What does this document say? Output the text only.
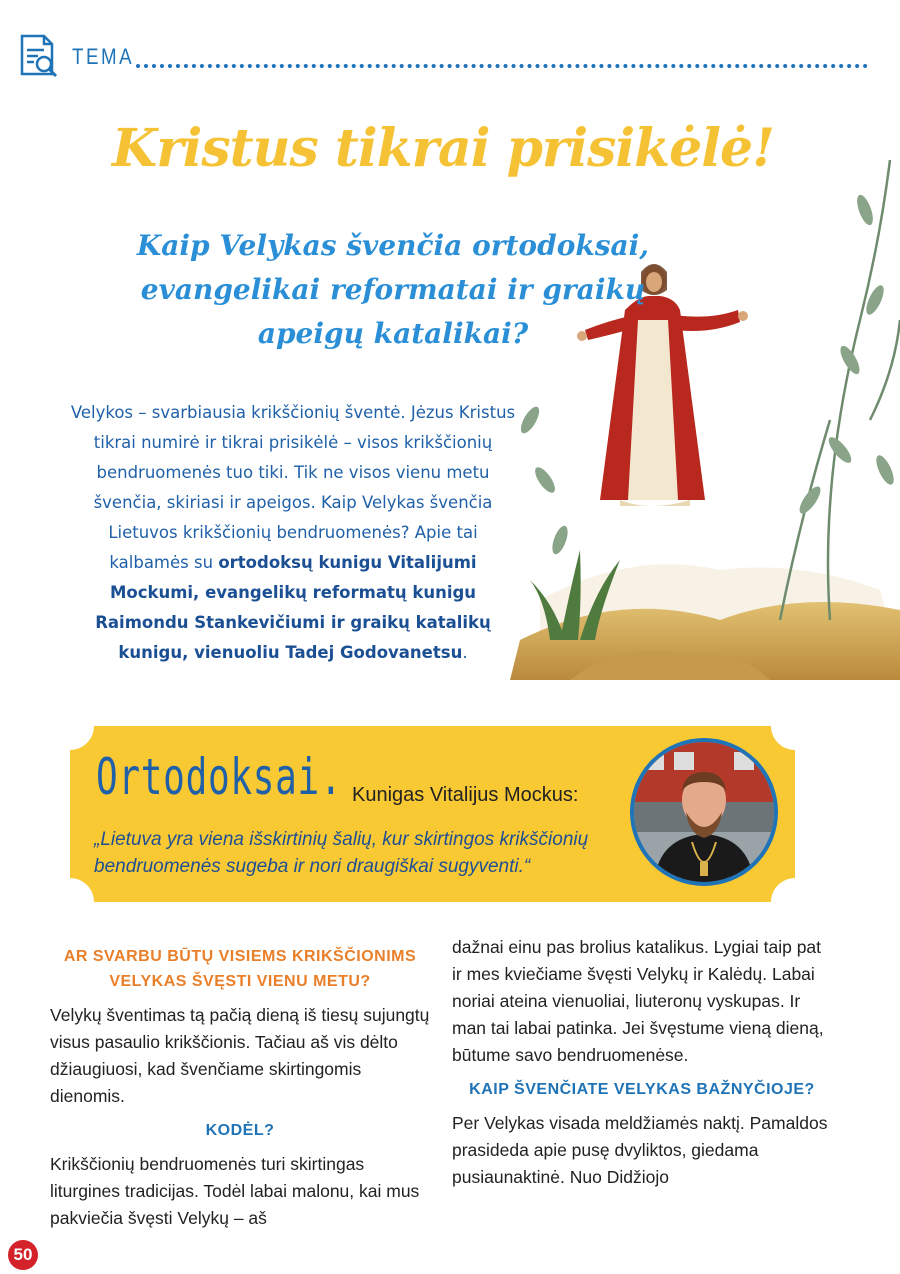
TEMA
Kristus tikrai prisikėlė!
Kaip Velykas švenčia ortodoksai,
evangelikai reformatai ir graikų
apeigų katalikai?

Velykos – svarbiausia krikščionių šventė. Jėzus Kristus tikrai numirė ir tikrai prisikėlė – visos krikščionių bendruomenės tuo tiki. Tik ne visos vienu metu švenčia, skiriasi ir apeigos. Kaip Velykas švenčia Lietuvos krikščionių bendruomenės? Apie tai kalbamės su ortodoksų kunigu Vitalijumi Mockumi, evangelikų reformatų kunigu Raimondu Stankevičiumi ir graikų katalikų kunigu, vienuoliu Tadej Godovanetsu.

Ortodoksai. Kunigas Vitalijus Mockus:
„Lietuva yra viena išskirtinių šalių, kur skirtingos krikščionių bendruomenės sugeba ir nori draugiškai sugyventi.“
AR SVARBU BŪTŲ VISIEMS KRIKŠČIONIMS VELYKAS ŠVĘSTI VIENU METU?

Velykų šventimas tą pačią dieną iš tiesų sujungtų visus pasaulio krikščionis. Tačiau aš vis dėlto džiaugiuosi, kad švenčiame skirtingomis dienomis.

KODĖL?

Krikščionių bendruomenės turi skirtingas liturgines tradicijas. Todėl labai malonu, kai mus pakviečia švęsti Velykų – aš

dažnai einu pas brolius katalikus. Lygiai taip pat ir mes kviečiame švęsti Velykų ir Kalėdų. Labai noriai ateina vienuoliai, liuteronų vyskupas. Ir man tai labai patinka. Jei švęstume vieną dieną, būtume savo bendruomenėse.

KAIP ŠVENČIATE VELYKAS BAŽNYČIOJE?

Per Velykas visada meldžiamės naktį. Pamaldos prasideda apie pusę dvyliktos, giedama pusiaunaktinė. Nuo Didžiojo

50
